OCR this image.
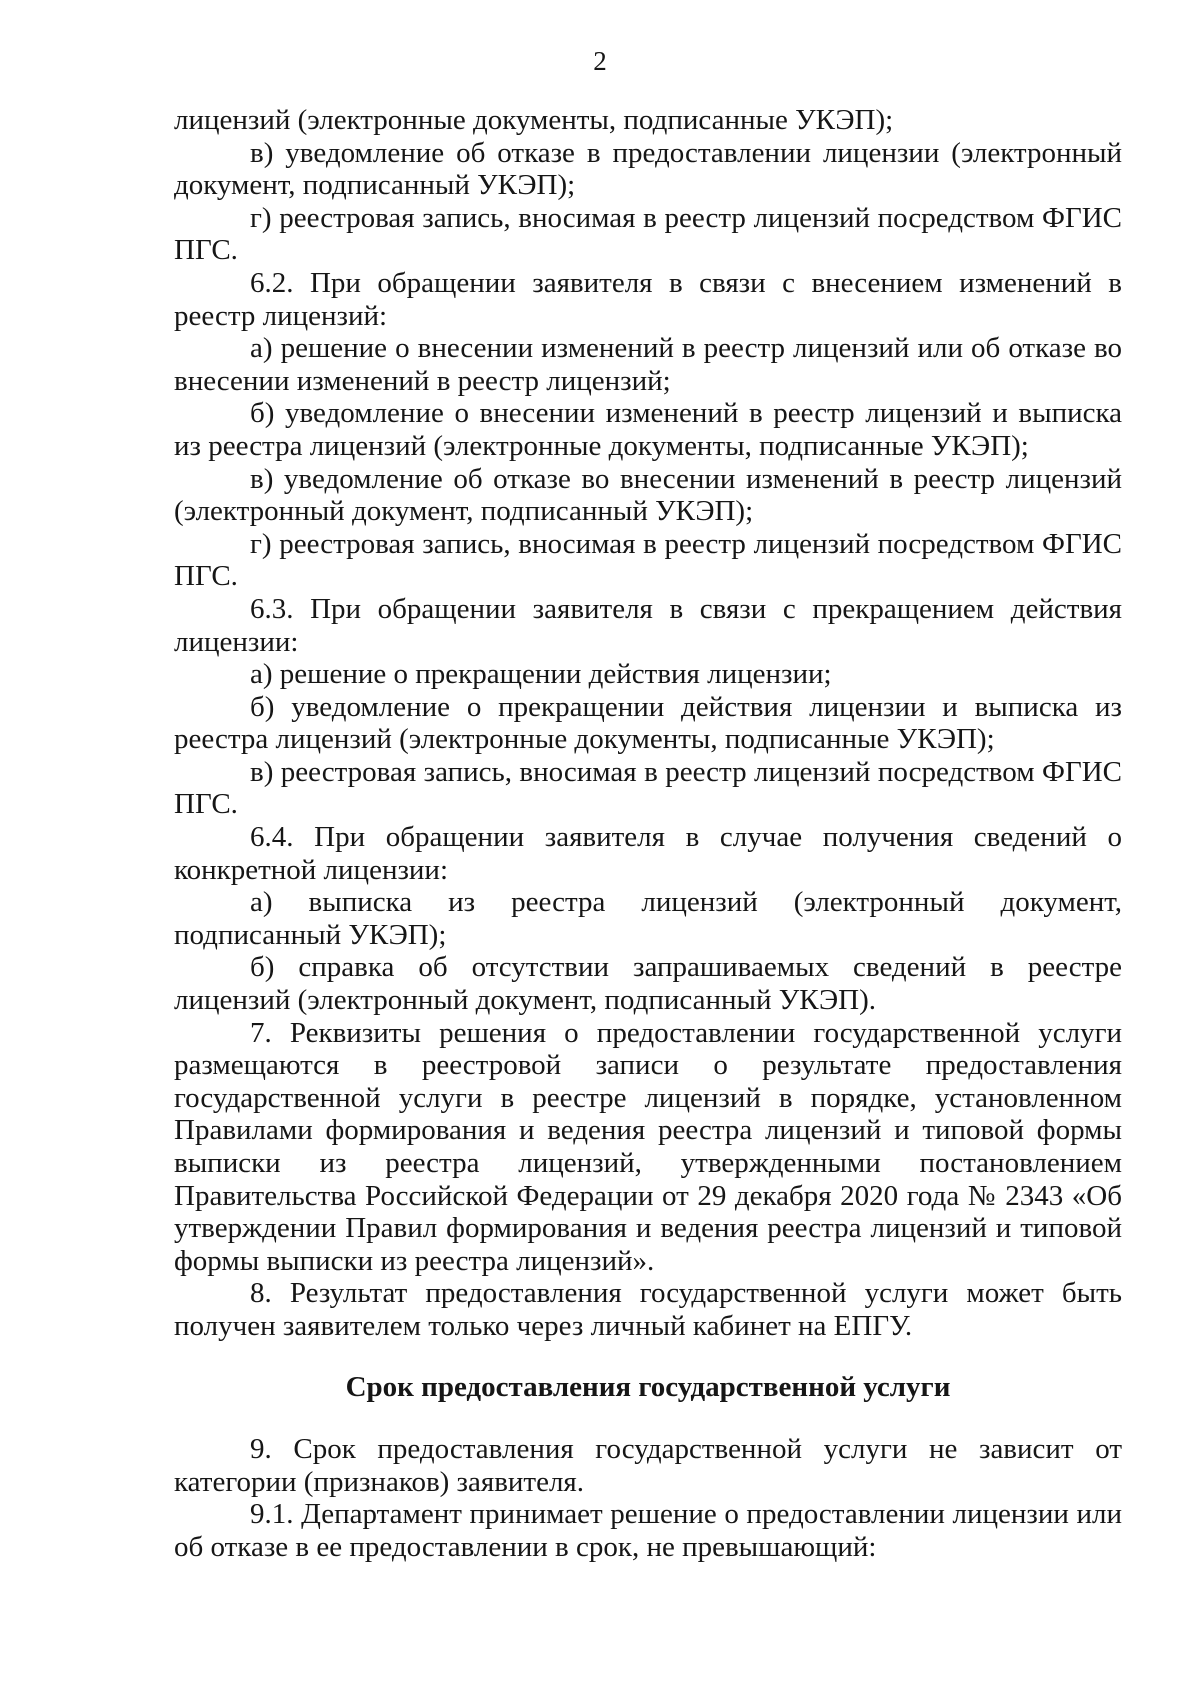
2

лицензий (электронные документы, подписанные УКЭП);

в) уведомление об отказе в предоставлении лицензии (электронный документ, подписанный УКЭП);

г) реестровая запись, вносимая в реестр лицензий посредством ФГИС ПГС.

6.2. При обращении заявителя в связи с внесением изменений в реестр лицензий:

а) решение о внесении изменений в реестр лицензий или об отказе во внесении изменений в реестр лицензий;

б) уведомление о внесении изменений в реестр лицензий и выписка из реестра лицензий (электронные документы, подписанные УКЭП);

в) уведомление об отказе во внесении изменений в реестр лицензий (электронный документ, подписанный УКЭП);

г) реестровая запись, вносимая в реестр лицензий посредством ФГИС ПГС.

6.3. При обращении заявителя в связи с прекращением действия лицензии:

а) решение о прекращении действия лицензии;

б) уведомление о прекращении действия лицензии и выписка из реестра лицензий (электронные документы, подписанные УКЭП);

в) реестровая запись, вносимая в реестр лицензий посредством ФГИС ПГС.

6.4. При обращении заявителя в случае получения сведений о конкретной лицензии:

а) выписка из реестра лицензий (электронный документ, подписанный УКЭП);

б) справка об отсутствии запрашиваемых сведений в реестре лицензий (электронный документ, подписанный УКЭП).

7. Реквизиты решения о предоставлении государственной услуги размещаются в реестровой записи о результате предоставления государственной услуги в реестре лицензий в порядке, установленном Правилами формирования и ведения реестра лицензий и типовой формы выписки из реестра лицензий, утвержденными постановлением Правительства Российской Федерации от 29 декабря 2020 года № 2343 «Об утверждении Правил формирования и ведения реестра лицензий и типовой формы выписки из реестра лицензий».

8. Результат предоставления государственной услуги может быть получен заявителем только через личный кабинет на ЕПГУ.

Срок предоставления государственной услуги

9. Срок предоставления государственной услуги не зависит от категории (признаков) заявителя.

9.1. Департамент принимает решение о предоставлении лицензии или об отказе в ее предоставлении в срок, не превышающий:
